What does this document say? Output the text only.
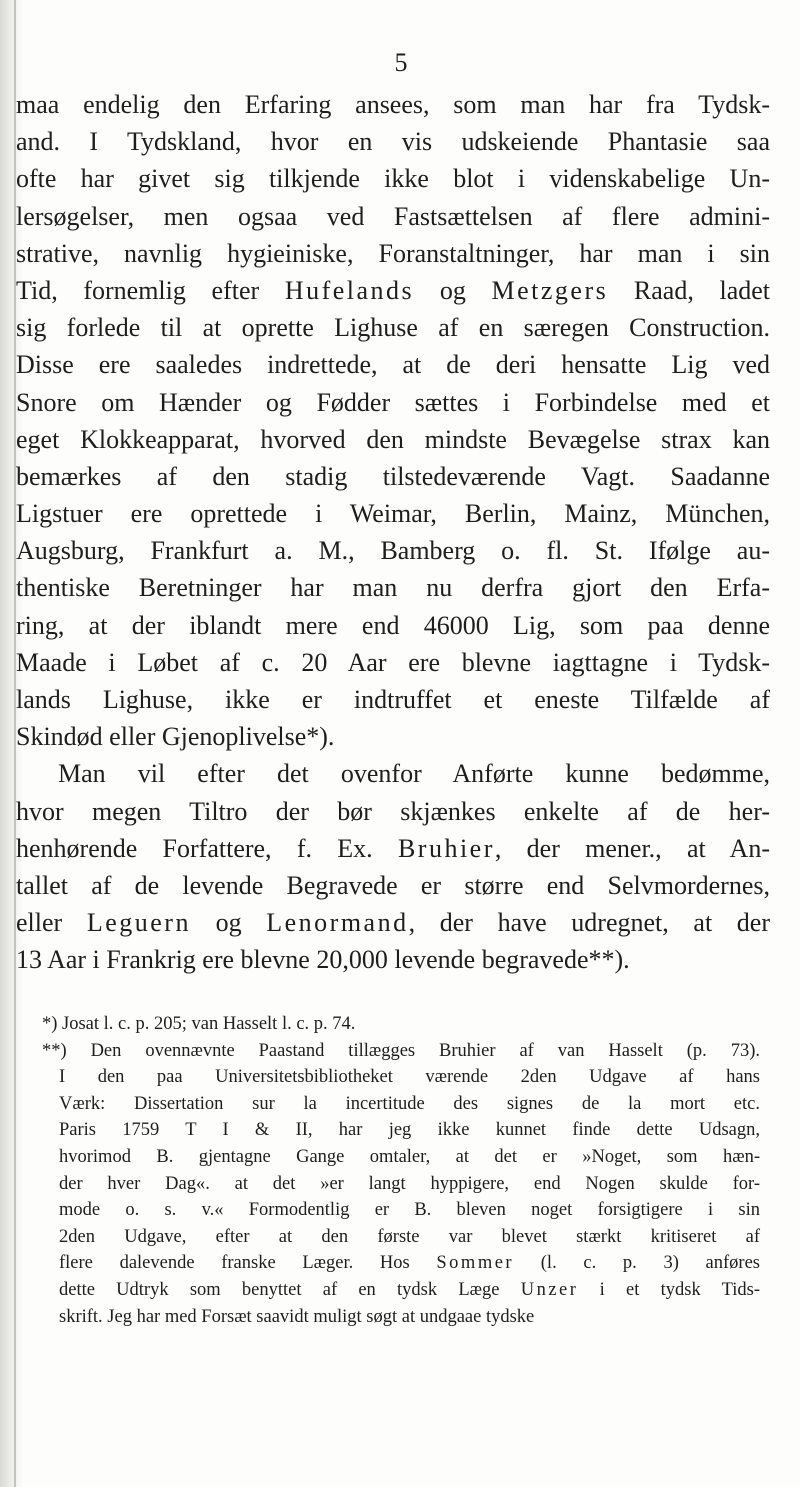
5
maa endelig den Erfaring ansees, som man har fra Tydsk-
and. I Tydskland, hvor en vis udskeiende Phantasie saa
ofte har givet sig tilkjende ikke blot i videnskabelige Un-
lersøgelser, men ogsaa ved Fastsættelsen af flere admini-
strative, navnlig hygieiniske, Foranstaltninger, har man i sin
Tid, fornemlig efter Hufelands og Metzgers Raad, ladet
sig forlede til at oprette Lighuse af en særegen Construction.
Disse ere saaledes indrettede, at de deri hensatte Lig ved
Snore om Hænder og Fødder sættes i Forbindelse med et
eget Klokkeapparat, hvorved den mindste Bevægelse strax kan
bemærkes af den stadig tilstedeværende Vagt. Saadanne
Ligstuer ere oprettede i Weimar, Berlin, Mainz, München,
Augsburg, Frankfurt a. M., Bamberg o. fl. St. Ifølge au-
thentiske Beretninger har man nu derfra gjort den Erfa-
ring, at der iblandt mere end 46000 Lig, som paa denne
Maade i Løbet af c. 20 Aar ere blevne iagttagne i Tydsk-
lands Lighuse, ikke er indtruffet et eneste Tilfælde af
Skindød eller Gjenoplivelse*).
Man vil efter det ovenfor Anførte kunne bedømme,
hvor megen Tiltro der bør skjænkes enkelte af de her-
henhørende Forfattere, f. Ex. Bruhier, der mener., at An-
tallet af de levende Begravede er større end Selvmordernes,
eller Leguern og Lenormand, der have udregnet, at der
13 Aar i Frankrig ere blevne 20,000 levende begravede**).
*) Josat l. c. p. 205; van Hasselt l. c. p. 74.
**) Den ovennævnte Paastand tillægges Bruhier af van Hasselt (p. 73).
I den paa Universitetsbibliotheket værende 2den Udgave af hans
Værk: Dissertation sur la incertitude des signes de la mort etc.
Paris 1759 T I & II, har jeg ikke kunnet finde dette Udsagn,
hvorimod B. gjentagne Gange omtaler, at det er »Noget, som hæn-
der hver Dag«. at det »er langt hyppigere, end Nogen skulde for-
mode o. s. v.« Formodentlig er B. bleven noget forsigtigere i sin
2den Udgave, efter at den første var blevet stærkt kritiseret af
flere dalevende franske Læger. Hos Sommer (l. c. p. 3) anføres
dette Udtryk som benyttet af en tydsk Læge Unzer i et tydsk Tids-
skrift. Jeg har med Forsæt saavidt muligt søgt at undgaae tydske
